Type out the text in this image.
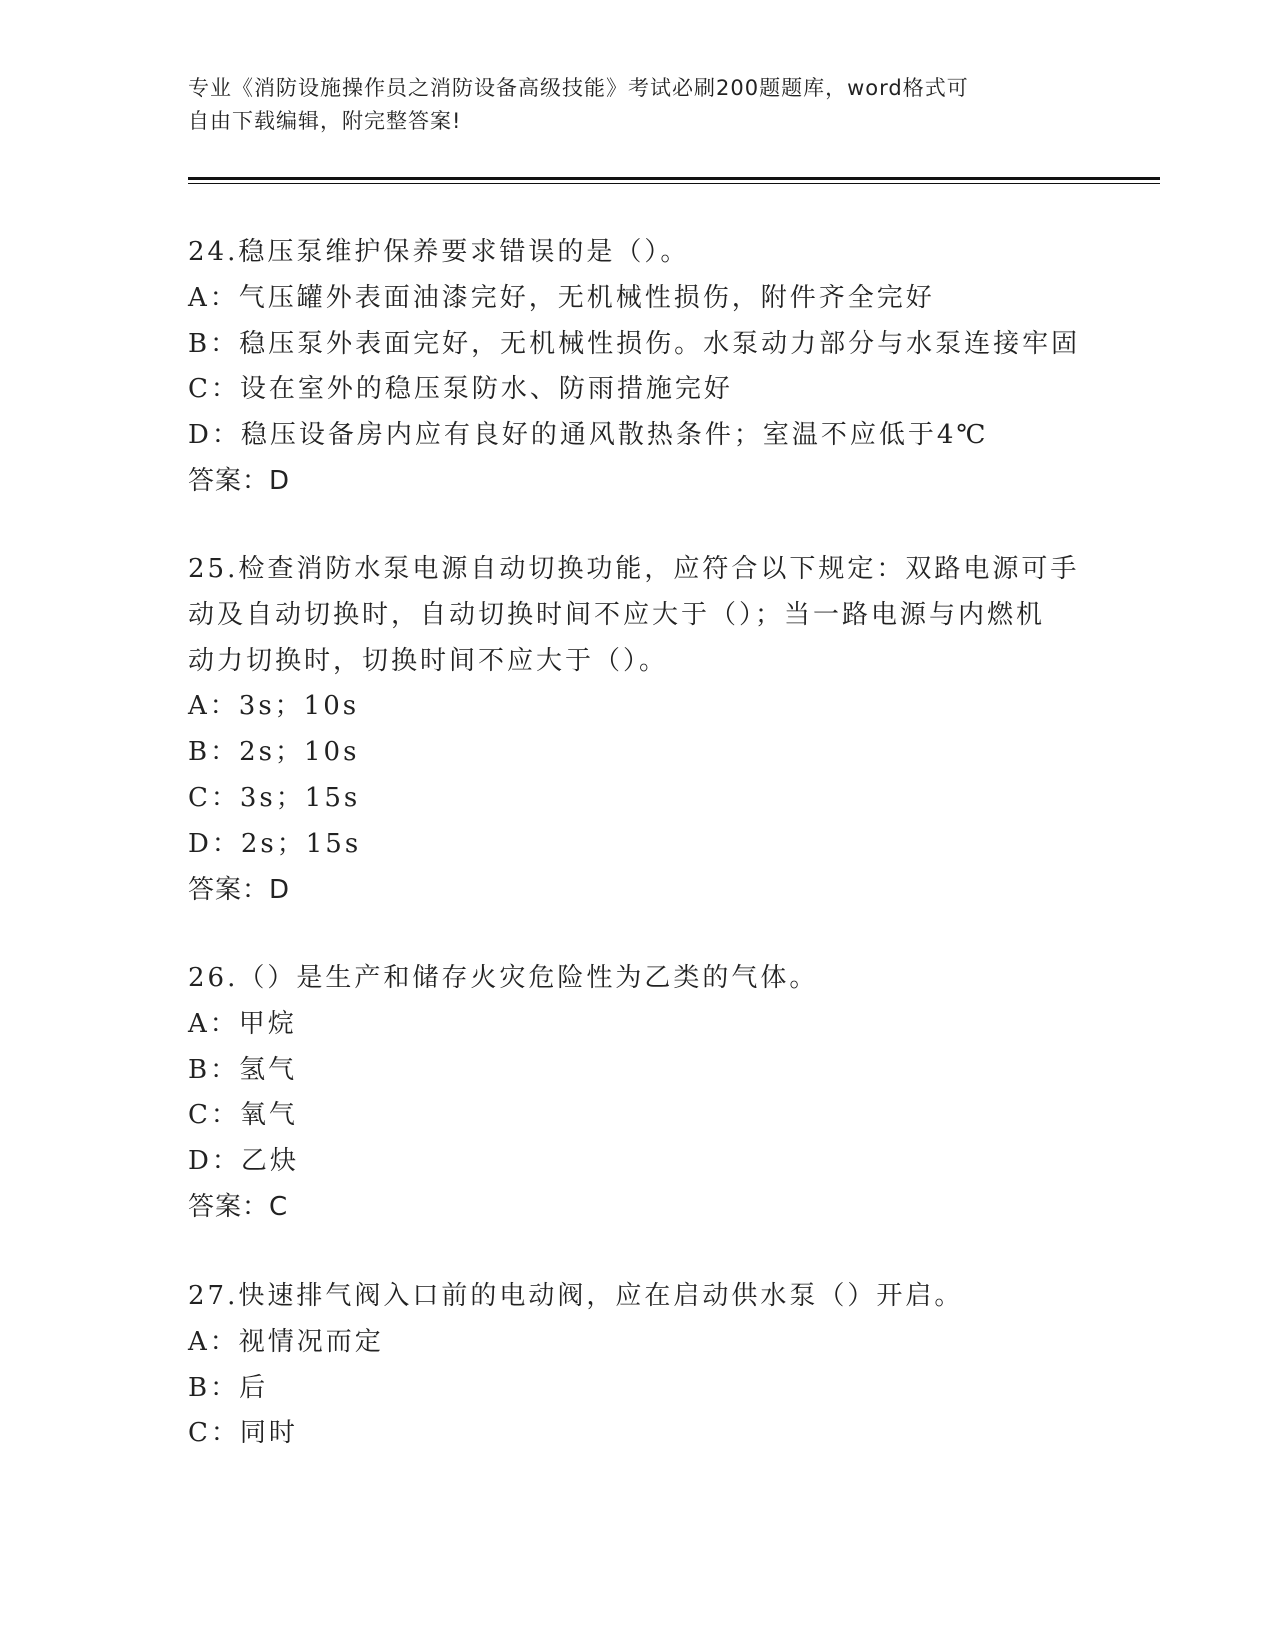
专业《消防设施操作员之消防设备高级技能》考试必刷200题题库，word格式可
自由下载编辑，附完整答案!
24.稳压泵维护保养要求错误的是（）。
A：气压罐外表面油漆完好，无机械性损伤，附件齐全完好
B：稳压泵外表面完好，无机械性损伤。水泵动力部分与水泵连接牢固
C：设在室外的稳压泵防水、防雨措施完好
D：稳压设备房内应有良好的通风散热条件；室温不应低于4℃
答案：D
25.检查消防水泵电源自动切换功能，应符合以下规定：双路电源可手
动及自动切换时，自动切换时间不应大于（）；当一路电源与内燃机
动力切换时，切换时间不应大于（）。
A：3s；10s
B：2s；10s
C：3s；15s
D：2s；15s
答案：D
26.（）是生产和储存火灾危险性为乙类的气体。
A：甲烷
B：氢气
C：氧气
D：乙炔
答案：C
27.快速排气阀入口前的电动阀，应在启动供水泵（）开启。
A：视情况而定
B：后
C：同时
